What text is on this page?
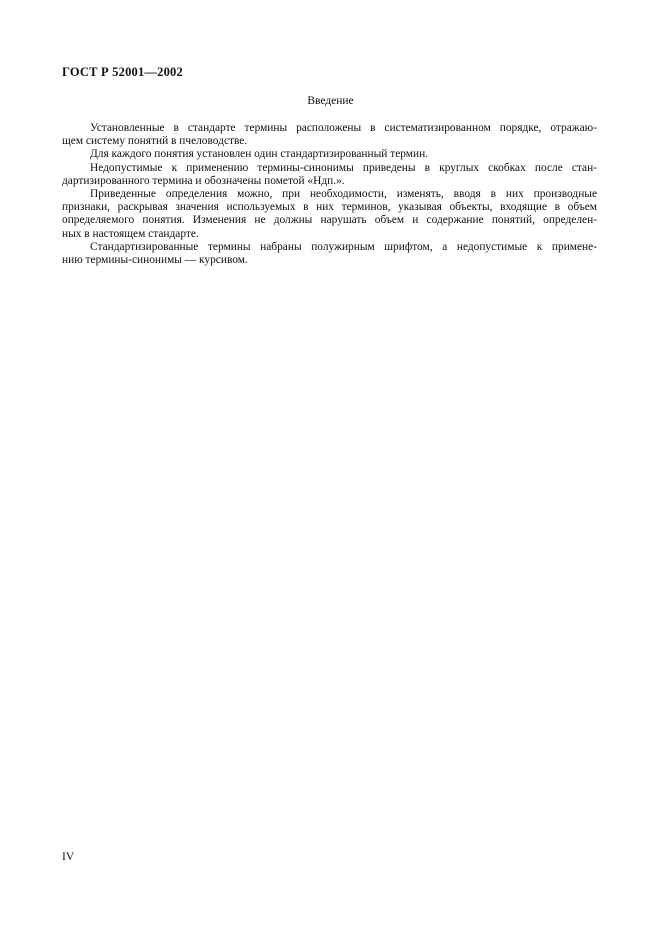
ГОСТ Р 52001—2002
Введение
Установленные в стандарте термины расположены в систематизированном порядке, отражаю-
щем систему понятий в пчеловодстве.
Для каждого понятия установлен один стандартизированный термин.
Недопустимые к применению термины-синонимы приведены в круглых скобках после стан-
дартизированного термина и обозначены пометой «Ндп.».
Приведенные определения можно, при необходимости, изменять, вводя в них производные
признаки, раскрывая значения используемых в них терминов, указывая объекты, входящие в объем
определяемого понятия. Изменения не должны нарушать объем и содержание понятий, определен-
ных в настоящем стандарте.
Стандартизированные термины набраны полужирным шрифтом, а недопустимые к примене-
нию термины-синонимы — курсивом.
IV
